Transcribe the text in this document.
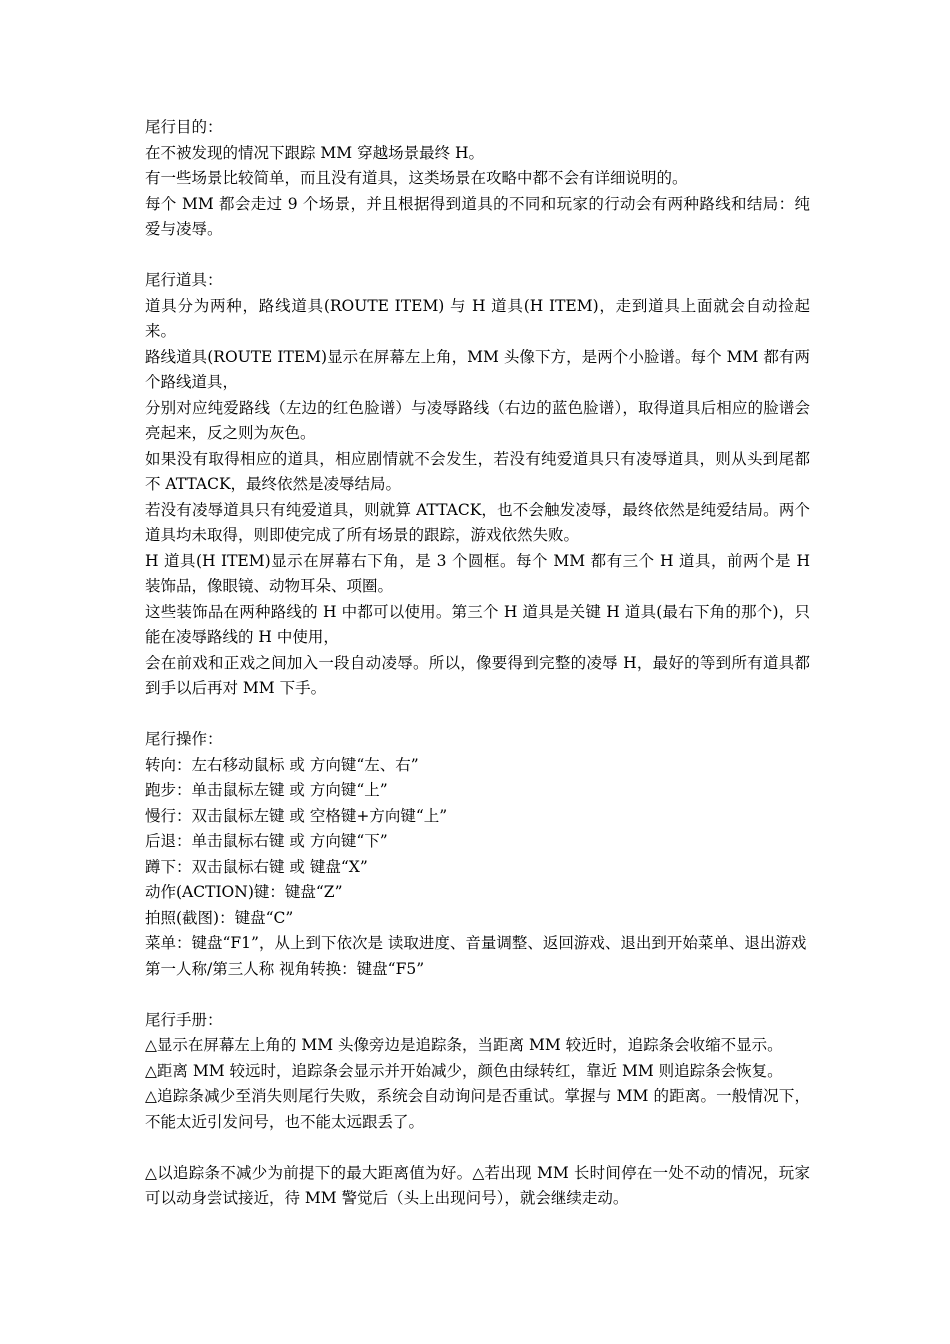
尾行目的：

在不被发现的情况下跟踪 MM 穿越场景最终 H。

有一些场景比较简单，而且没有道具，这类场景在攻略中都不会有详细说明的。

每个 MM 都会走过 9 个场景，并且根据得到道具的不同和玩家的行动会有两种路线和结局：纯爱与凌辱。

尾行道具：

道具分为两种，路线道具(ROUTE ITEM) 与 H 道具(H ITEM)，走到道具上面就会自动捡起来。

路线道具(ROUTE ITEM)显示在屏幕左上角，MM 头像下方，是两个小脸谱。每个 MM 都有两个路线道具，

分别对应纯爱路线（左边的红色脸谱）与凌辱路线（右边的蓝色脸谱），取得道具后相应的脸谱会亮起来，反之则为灰色。

如果没有取得相应的道具，相应剧情就不会发生，若没有纯爱道具只有凌辱道具，则从头到尾都不 ATTACK，最终依然是凌辱结局。

若没有凌辱道具只有纯爱道具，则就算 ATTACK，也不会触发凌辱，最终依然是纯爱结局。两个道具均未取得，则即使完成了所有场景的跟踪，游戏依然失败。

H 道具(H ITEM)显示在屏幕右下角，是 3 个圆框。每个 MM 都有三个 H 道具，前两个是 H 装饰品，像眼镜、动物耳朵、项圈。

这些装饰品在两种路线的 H 中都可以使用。第三个 H 道具是关键 H 道具(最右下角的那个)，只能在凌辱路线的 H 中使用，

会在前戏和正戏之间加入一段自动凌辱。所以，像要得到完整的凌辱 H，最好的等到所有道具都到手以后再对 MM 下手。

尾行操作：

转向：左右移动鼠标 或 方向键“左、右”

跑步：单击鼠标左键 或 方向键“上”

慢行：双击鼠标左键 或 空格键+方向键“上”

后退：单击鼠标右键 或 方向键“下”

蹲下：双击鼠标右键 或 键盘“X”

动作(ACTION)键：键盘“Z”

拍照(截图)：键盘“C”

菜单：键盘“F1”，从上到下依次是 读取进度、音量调整、返回游戏、退出到开始菜单、退出游戏

第一人称/第三人称 视角转换：键盘“F5”

尾行手册：

△显示在屏幕左上角的 MM 头像旁边是追踪条，当距离 MM 较近时，追踪条会收缩不显示。

△距离 MM 较远时，追踪条会显示并开始减少，颜色由绿转红，靠近 MM 则追踪条会恢复。

△追踪条减少至消失则尾行失败，系统会自动询问是否重试。掌握与 MM 的距离。一般情况下，不能太近引发问号，也不能太远跟丢了。

△以追踪条不减少为前提下的最大距离值为好。△若出现 MM 长时间停在一处不动的情况，玩家可以动身尝试接近，待 MM 警觉后（头上出现问号），就会继续走动。
